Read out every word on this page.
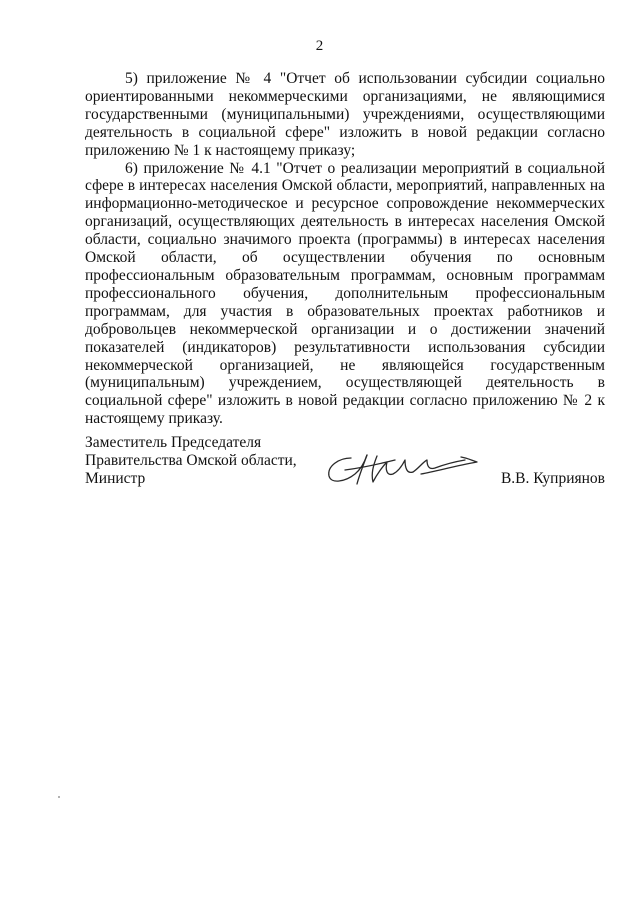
2

5) приложение № 4 "Отчет об использовании субсидии социально ориентированными некоммерческими организациями, не являющимися государственными (муниципальными) учреждениями, осуществляющими деятельность в социальной сфере" изложить в новой редакции согласно приложению № 1 к настоящему приказу;

6) приложение № 4.1 "Отчет о реализации мероприятий в социальной сфере в интересах населения Омской области, мероприятий, направленных на информационно-методическое и ресурсное сопровождение некоммерческих организаций, осуществляющих деятельность в интересах населения Омской области, социально значимого проекта (программы) в интересах населения Омской области, об осуществлении обучения по основным профессиональным образовательным программам, основным программам профессионального обучения, дополнительным профессиональным программам, для участия в образовательных проектах работников и добровольцев некоммерческой организации и о достижении значений показателей (индикаторов) результативности использования субсидии некоммерческой организацией, не являющейся государственным (муниципальным) учреждением, осуществляющей деятельность в социальной сфере" изложить в новой редакции согласно приложению № 2 к настоящему приказу.

Заместитель Председателя
Правительства Омской области,
Министр	В.В. Куприянов
